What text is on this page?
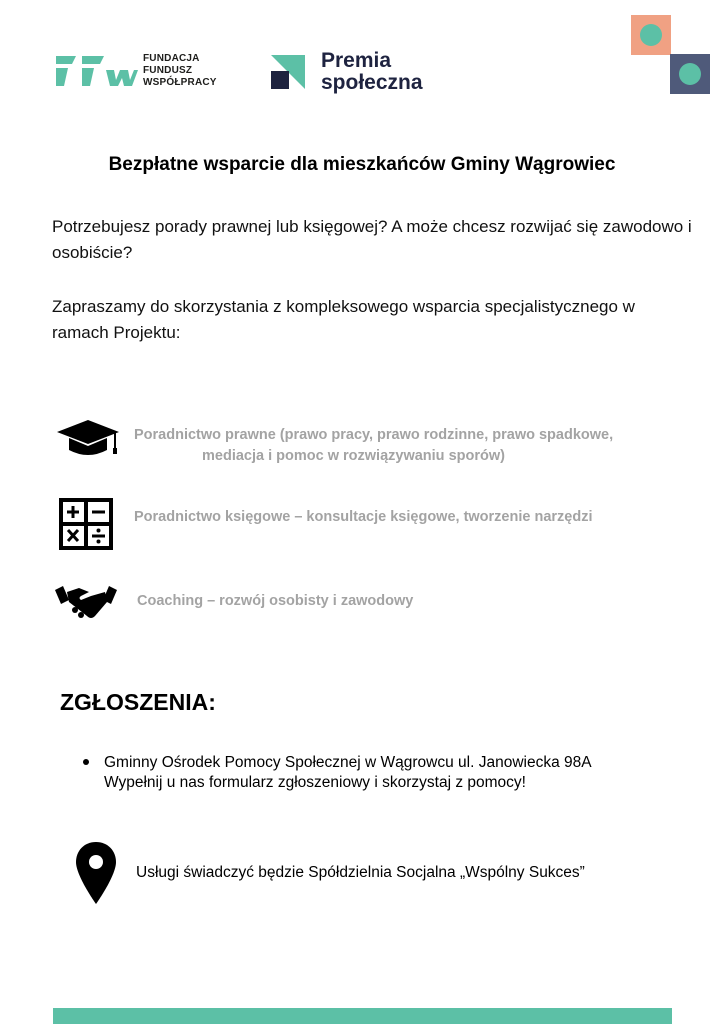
FUNDACJA
FUNDUSZ
WSPÓŁPRACY
Premia
społeczna
Bezpłatne wsparcie dla mieszkańców Gminy Wągrowiec
Potrzebujesz porady prawnej lub księgowej? A może chcesz rozwijać się zawodowo i osobiście?
Zapraszamy do skorzystania z kompleksowego wsparcia specjalistycznego w ramach Projektu:
Poradnictwo prawne (prawo pracy, prawo rodzinne, prawo spadkowe,
mediacja i pomoc w rozwiązywaniu sporów)
Poradnictwo księgowe – konsultacje księgowe, tworzenie narzędzi
Coaching – rozwój osobisty i zawodowy
ZGŁOSZENIA:
Gminny Ośrodek Pomocy Społecznej w Wągrowcu ul. Janowiecka 98A
Wypełnij u nas formularz zgłoszeniowy i skorzystaj z pomocy!
Usługi świadczyć będzie Spółdzielnia Socjalna „Wspólny Sukces”
